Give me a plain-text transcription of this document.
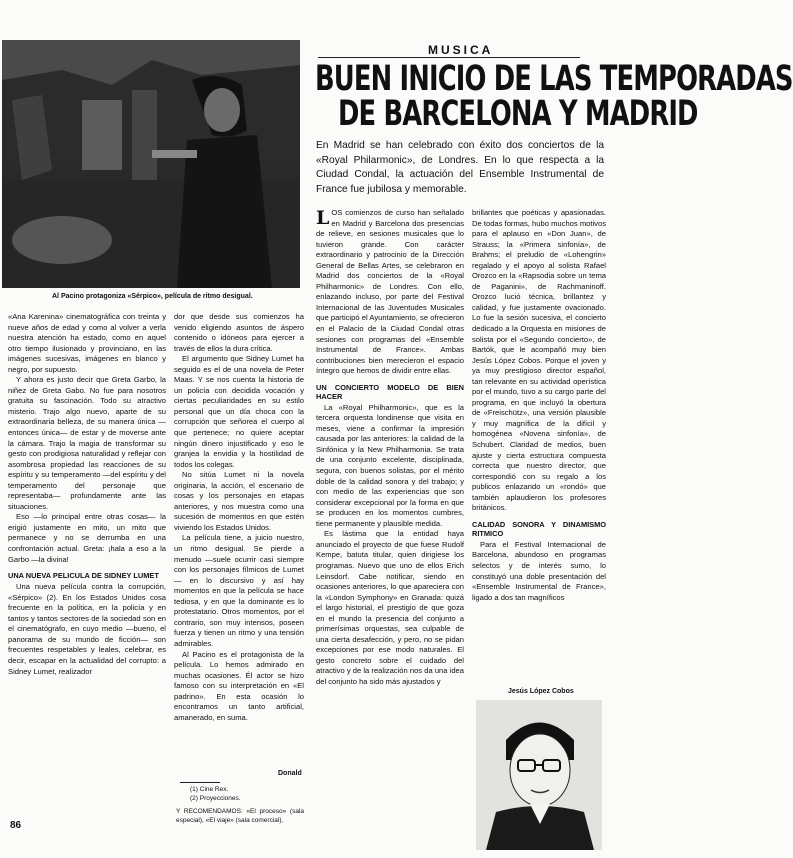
Al Pacino protagoniza «Sérpico», película de ritmo desigual.
MUSICA
BUEN INICIO DE LAS TEMPORADAS
DE BARCELONA Y MADRID
En Madrid se han celebrado con éxito dos conciertos de la «Royal Philarmonic», de Londres. En lo que respecta a la Ciudad Condal, la actuación del Ensemble Instrumental de France fue jubilosa y memorable.

«Ana Karenina» cinematográfica con treinta y nueve años de edad y como al volver a verla nuestra atención ha estado, como en aquel otro tiempo ilusionado y provinciano, en las imágenes sucesivas, imágenes en blanco y negro, por supuesto.

Y ahora es justo decir que Greta Garbo, la niñez de Greta Gabo. No fue para nosotros gratuita su fascinación. Todo su atractivo misterio. Trajo algo nuevo, aparte de su extraordinaria belleza, de su manera única —entonces única— de estar y de moverse ante la cámara. Trajo la magia de transformar su gesto con prodigiosa naturalidad y reflejar con asombrosa propiedad las reacciones de su espíritu y su temperamento —del espíritu y del temperamento del personaje que representaba— profundamente ante las situaciones.

Eso —lo principal entre otras cosas— la erigió justamente en mito, un mito que permanece y no se derrumba en una confrontación actual. Greta: ¡hala a eso a la Garbo —la divina!

UNA NUEVA PELICULA DE SIDNEY LUMET

Una nueva película contra la corrupción, «Sérpico» (2). En los Estados Unidos cosa frecuente en la política, en la policía y en tantos y tantos sectores de la sociedad son en el cinematógrafo, en cuyo medio —bueno, el panorama de su mundo de ficción— son frecuentes respetables y leales, celebrar, es decir, escapar en la actualidad del corrupto: a Sidney Lumet, realizador

dor que desde sus comienzos ha venido eligiendo asuntos de áspero contenido o idóneos para ejercer a través de ellos la dura crítica.

El argumento que Sidney Lumet ha seguido es el de una novela de Peter Maas. Y se nos cuenta la historia de un policía con decidida vocación y ciertas peculiaridades en su estilo personal que un día choca con la corrupción que señorea el cuerpo al que pertenece; no quiere aceptar ningún dinero injustificado y eso le granjea la envidia y la hostilidad de todos los colegas.

No sitúa Lumet ni la novela originaria, la acción, el escenario de cosas y los personajes en etapas anteriores, y nos muestra como una sucesión de momentos en que estén viviendo los Estados Unidos.

La película tiene, a juicio nuestro, un ritmo desigual. Se pierde a menudo —suele ocurrir casi siempre con los personajes fílmicos de Lumet— en lo discursivo y así hay momentos en que la película se hace tediosa, y en que la dominante es lo protestatario. Otros momentos, por el contrario, son muy intensos, poseen fuerza y tienen un ritmo y una tensión admirables.

Al Pacino es el protagonista de la película. Lo hemos admirado en muchas ocasiones. Él actor se hizo famoso con su interpretación en «El padrino». En esta ocasión lo encontramos un tanto artificial, amanerado, en suma.

Donald
(1) Cine Rex.
(2) Proyecciones.
Y RECOMENDAMOS: «El proceso» (sala especial), «El viaje» (sala comercial).

LOS comienzos de curso han señalado en Madrid y Barcelona dos presencias de relieve, en sesiones musicales que lo tuvieron grande. Con carácter extraordinario y patrocinio de la Dirección General de Bellas Artes, se celebraron en Madrid dos conciertos de la «Royal Philharmonic» de Londres. Con ello, enlazando incluso, por parte del Festival Internacional de las Juventudes Musicales que participó el Ayuntamiento, se ofrecieron en el Palacio de la Ciudad Condal otras sesiones con programas del «Ensemble Instrumental de France». Ambas contribuciones bien merecieron el espacio íntegro que hemos de dividir entre ellas.

UN CONCIERTO MODELO DE BIEN HACER

La «Royal Philharmonic», que es la tercera orquesta londinense que visita en meses, viene a confirmar la impresión causada por las anteriores: la calidad de la Sinfónica y la New Philharmonia. Se trata de una conjunto excelente, disciplinada, segura, con buenos solistas, por el mérito doble de la calidad sonora y del trabajo; y con medio de las experiencias que son considerar excepcional por la forma en que se producen en los momentos cumbres, tiene permanente y plausible medida.

Es lástima que la entidad haya anunciado el proyecto de que fuese Rudolf Kempe, batuta titular, quien dirigiese los programas. Nuevo que uno de ellos Erich Leinsdorf. Cabe notificar, siendo en ocasiones anteriores, lo que apareciera con la «London Symphony» en Granada: quizá el largo historial, el prestigio de que goza en el mundo la presencia del conjunto a primerísimas orquestas, sea culpable de una cierta desafección, y pero, no se pidan excepciones por ese modo naturales. El gesto concreto sobre el cuidado del atractivo y de la realización nos da una idea del conjunto ha sido más ajustados y

brillantes que poéticas y apasionadas. De todas formas, hubo muchos motivos para el aplauso en «Don Juan», de Strauss; la «Primera sinfonía», de Brahms; el preludio de «Lohengrin» regalado y el apoyo al solista Rafael Orozco en la «Rapsodia sobre un tema de Paganini», de Rachmaninoff. Orozco lució técnica, brillantez y calidad, y fue justamente ovacionado. Lo fue la sesión sucesiva, el concierto dedicado a la Orquesta en misiones de solista por el «Segundo concierto», de Bartók, que le acompañó muy bien Jesús López Cobos. Porque el joven y ya muy prestigioso director español, tan relevante en su actividad operística por el mundo, tuvo a su cargo parte del programa, en que incluyó la obertura de «Freischütz», una versión plausible y muy magnífica de la difícil y homogénea «Novena sinfonía», de Schubert. Claridad de medios, buen ajuste y cierta estructura compuesta correcta que nuestro director, que correspondió con su regalo a los publicos enlazando un «rondó» que también aplaudieron los profesores británicos.

CALIDAD SONORA Y DINAMISMO RITMICO

Para el Festival Internacional de Barcelona, abundoso en programas selectos y de interés sumo, lo constituyó una doble presentación del «Ensemble Instrumental de France», ligado a dos tan magníficos

Jesús López Cobos
86
